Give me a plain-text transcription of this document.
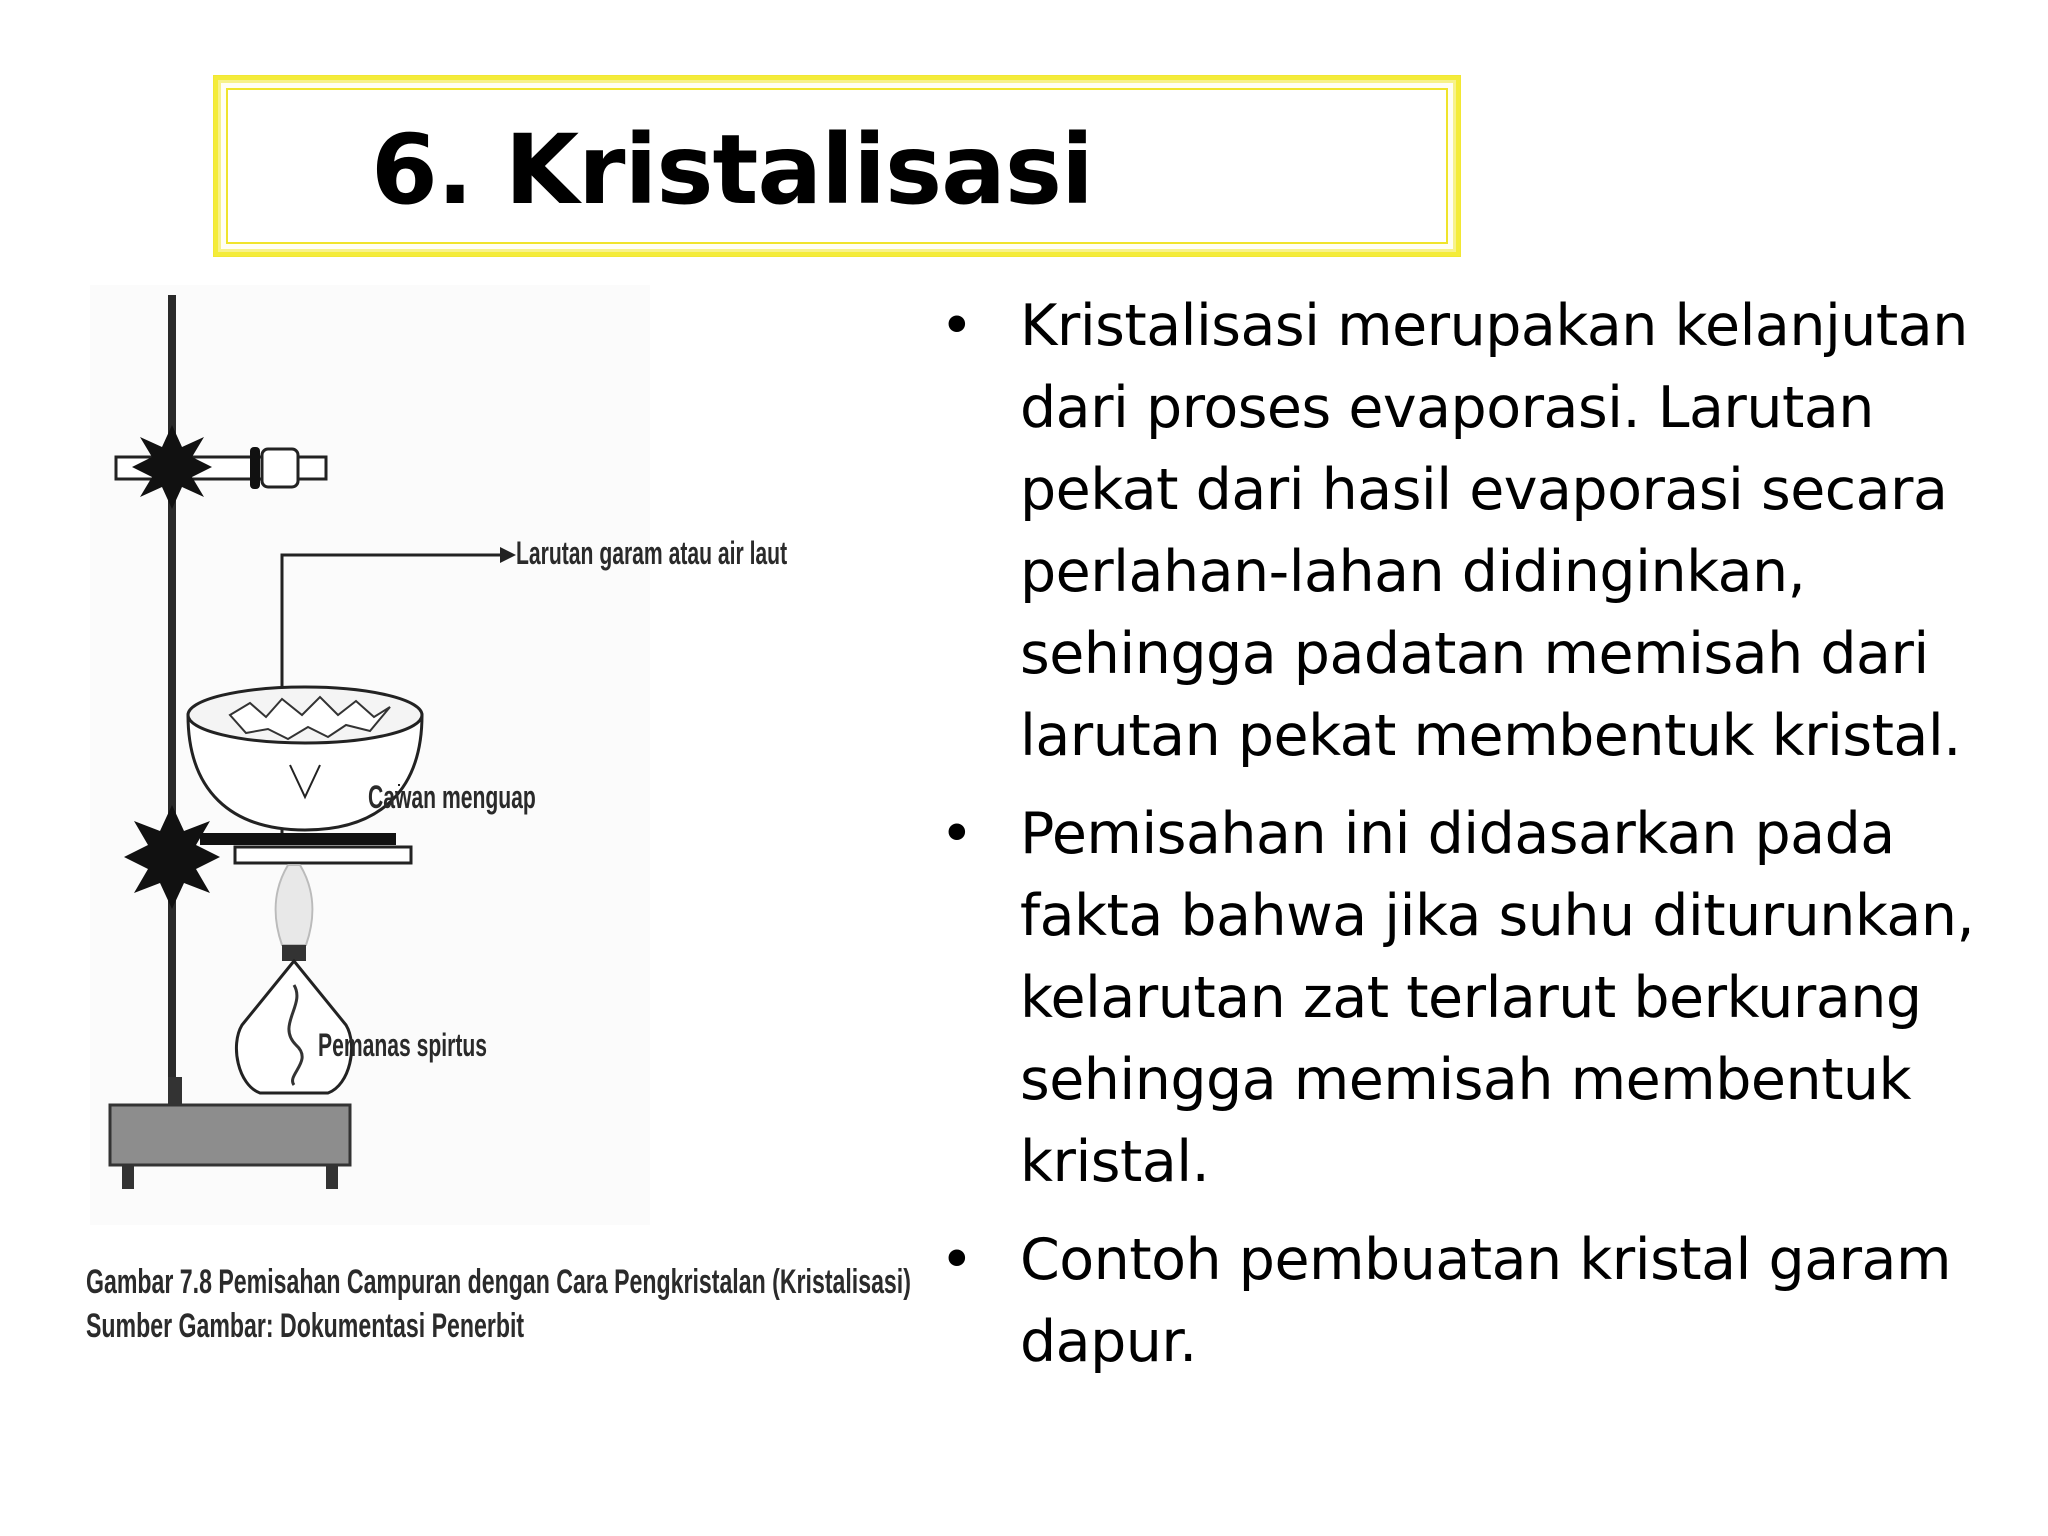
6. Kristalisasi
Larutan garam atau air laut
Cawan menguap
Pemanas spirtus
Gambar 7.8 Pemisahan Campuran dengan Cara Pengkristalan (Kristalisasi)
Sumber Gambar: Dokumentasi Penerbit
• Kristalisasi merupakan kelanjutan dari proses evaporasi. Larutan pekat dari hasil evaporasi secara perlahan-lahan didinginkan, sehingga padatan memisah dari larutan pekat membentuk kristal.
• Pemisahan ini didasarkan pada fakta bahwa jika suhu diturunkan, kelarutan zat terlarut berkurang sehingga memisah membentuk kristal.
• Contoh pembuatan kristal garam dapur.
